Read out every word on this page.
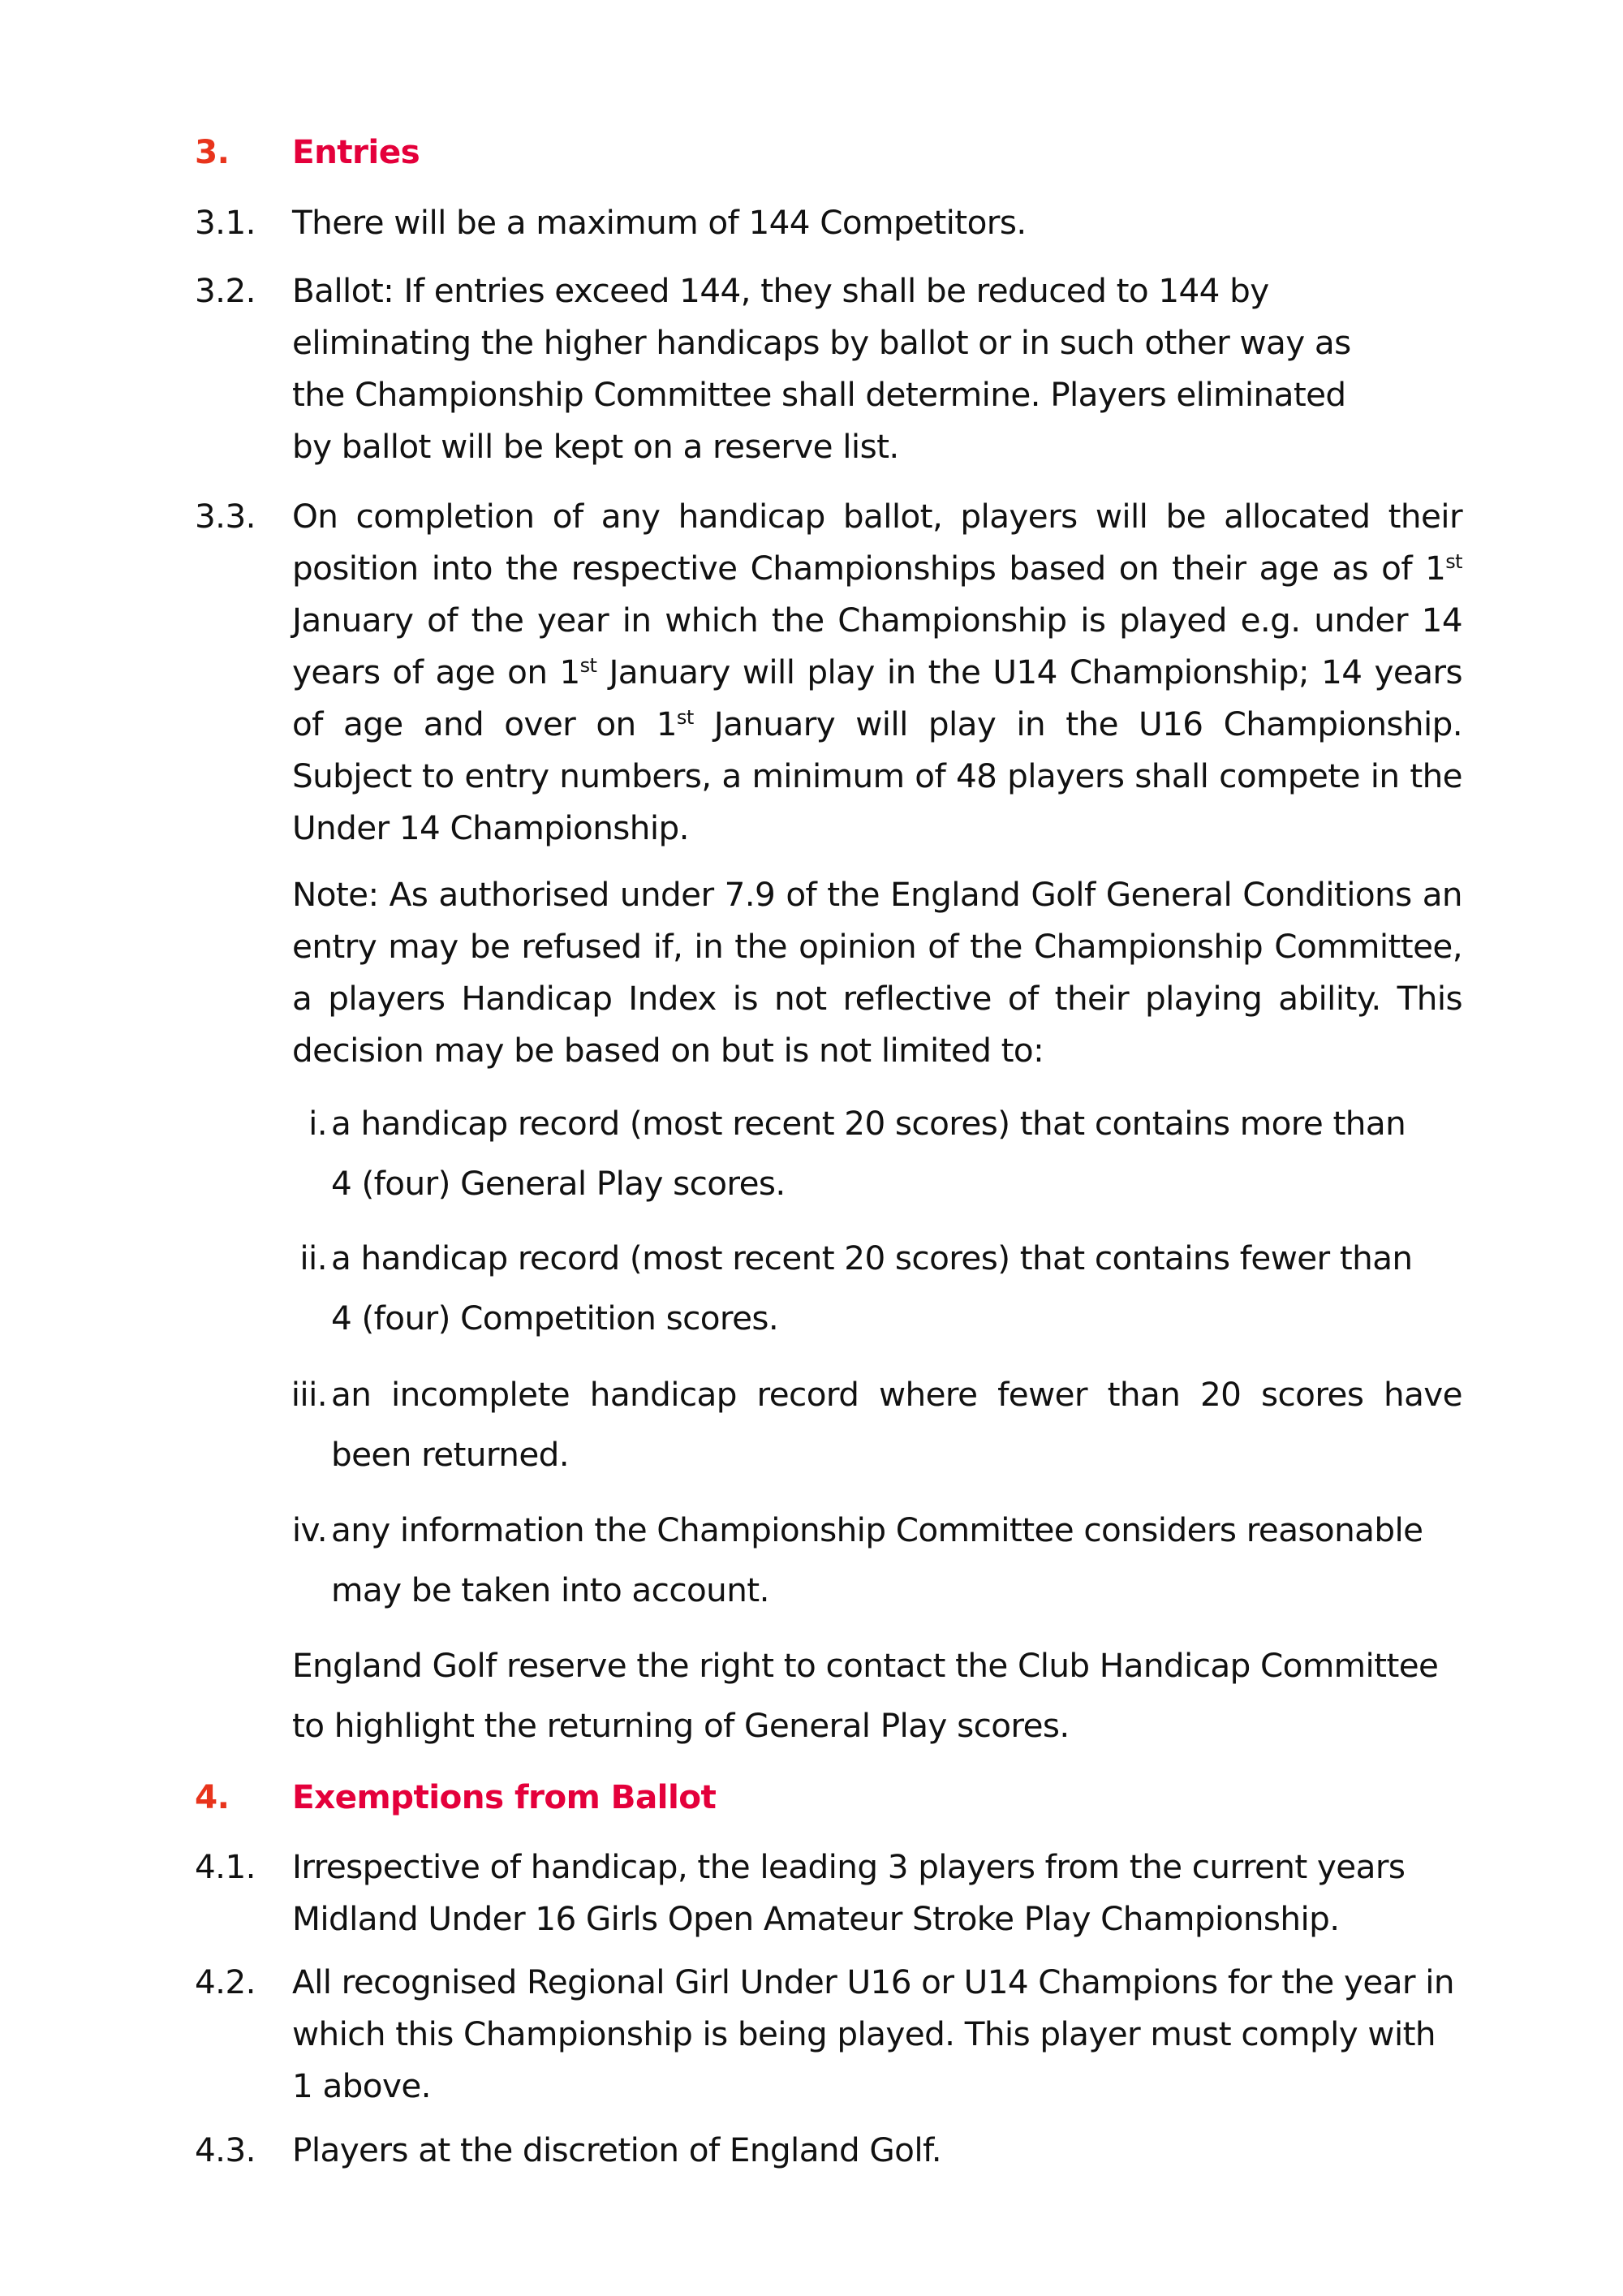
3.	Entries
3.1.	There will be a maximum of 144 Competitors.
3.2.	Ballot: If entries exceed 144, they shall be reduced to 144 by eliminating the higher handicaps by ballot or in such other way as the Championship Committee shall determine. Players eliminated by ballot will be kept on a reserve list.
3.3.	On completion of any handicap ballot, players will be allocated their position into the respective Championships based on their age as of 1st January of the year in which the Championship is played e.g. under 14 years of age on 1st January will play in the U14 Championship; 14 years of age and over on 1st January will play in the U16 Championship. Subject to entry numbers, a minimum of 48 players shall compete in the Under 14 Championship.
Note: As authorised under 7.9 of the England Golf General Conditions an entry may be refused if, in the opinion of the Championship Committee, a players Handicap Index is not reflective of their playing ability. This decision may be based on but is not limited to:
i. a handicap record (most recent 20 scores) that contains more than
4 (four) General Play scores.
ii. a handicap record (most recent 20 scores) that contains fewer than
4 (four) Competition scores.
iii. an incomplete handicap record where fewer than 20 scores have
been returned.
iv. any information the Championship Committee considers reasonable
may be taken into account.
England Golf reserve the right to contact the Club Handicap Committee to highlight the returning of General Play scores.
4.	Exemptions from Ballot
4.1.	Irrespective of handicap, the leading 3 players from the current years Midland Under 16 Girls Open Amateur Stroke Play Championship.
4.2.	All recognised Regional Girl Under U16 or U14 Champions for the year in which this Championship is being played. This player must comply with 1 above.
4.3.	Players at the discretion of England Golf.
